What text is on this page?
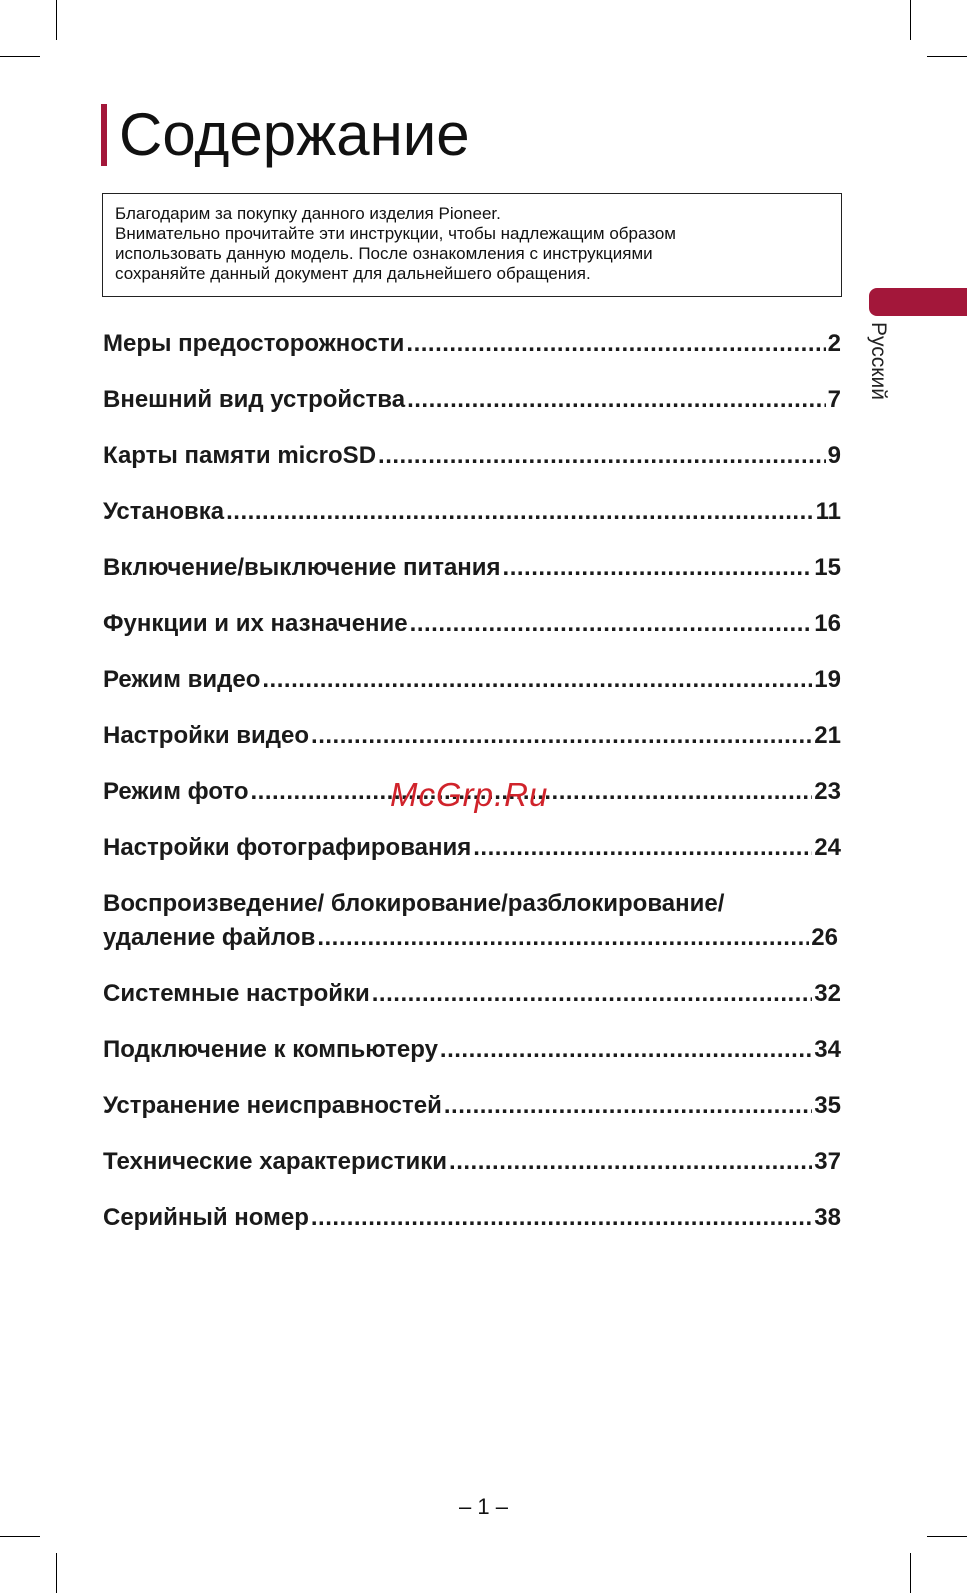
Содержание
Благодарим за покупку данного изделия Pioneer.
Внимательно прочитайте эти инструкции, чтобы надлежащим образом
использовать данную модель. После ознакомления с инструкциями
сохраняйте данный документ для дальнейшего обращения.
Русский
Меры предосторожности .....	2
Внешний вид устройства .....	7
Карты памяти microSD .....	9
Установка .....	11
Включение/выключение питания .....	15
Функции и их назначение .....	16
Режим видео .....	19
Настройки видео .....	21
Режим фото .....	23
Настройки фотографирования .....	24
Воспроизведение/ блокирование/разблокирование/
удаление файлов .....	26
Системные настройки .....	32
Подключение к компьютеру .....	34
Устранение неисправностей .....	35
Технические характеристики .....	37
Серийный номер .....	38
McGrp.Ru
– 1 –
